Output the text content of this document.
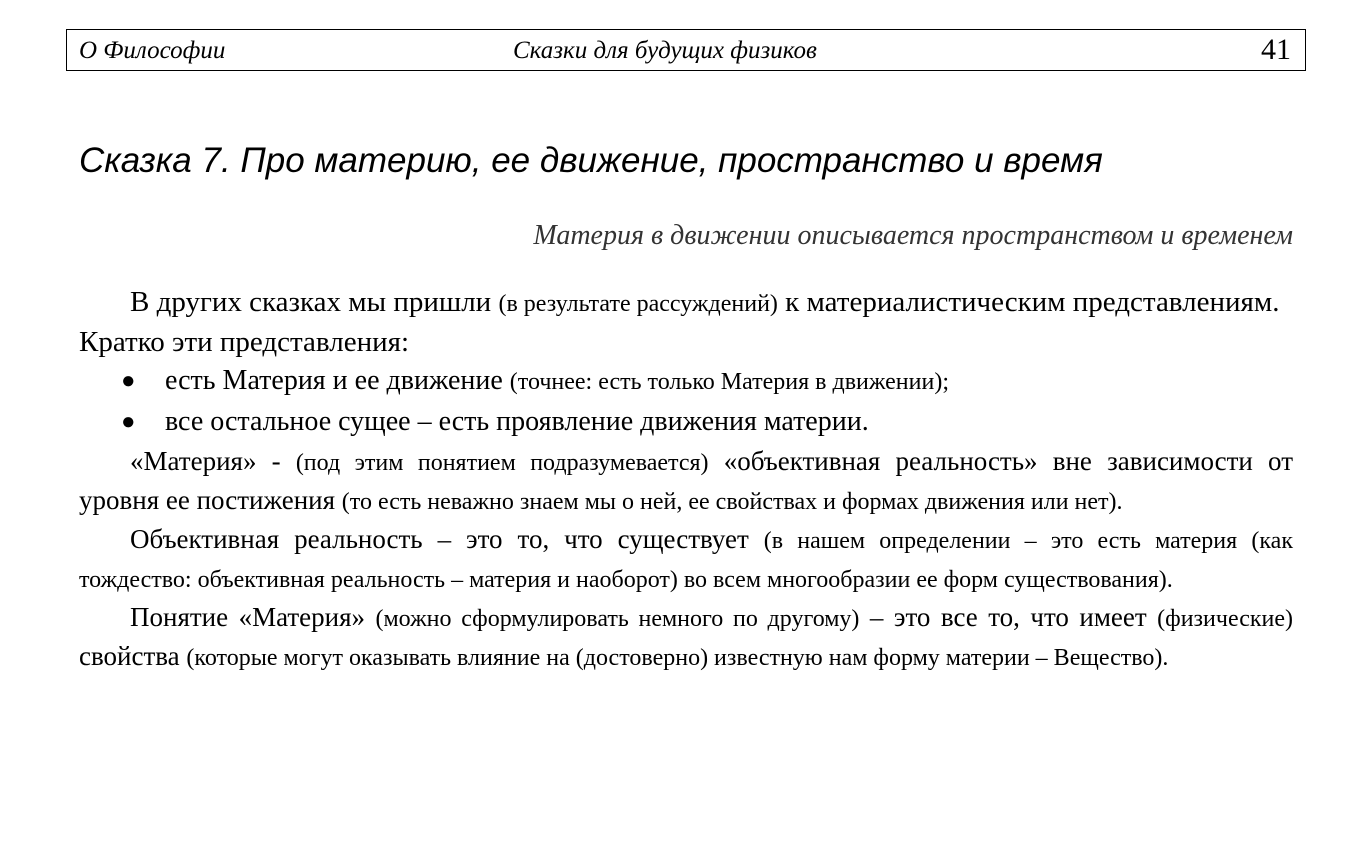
О Философии	Сказки для будущих физиков	41
Сказка 7. Про материю, ее движение, пространство и время
Материя в движении описывается пространством и временем

В других сказках мы пришли (в результате рассуждений) к материалистическим представлениям.

Кратко эти представления:

● есть Материя и ее движение (точнее: есть только Материя в движении);
● все остальное сущее – есть проявление движения материи.

«Материя» - (под этим понятием подразумевается) «объективная реальность» вне зависимости от уровня ее постижения (то есть неважно знаем мы о ней, ее свойствах и формах движения или нет).

Объективная реальность – это то, что существует (в нашем определении – это есть материя (как тождество: объективная реальность – материя и наоборот) во всем многообразии ее форм существования).

Понятие «Материя» (можно сформулировать немного по другому) – это все то, что имеет (физические) свойства (которые могут оказывать влияние на (достоверно) известную нам форму материи – Вещество).
